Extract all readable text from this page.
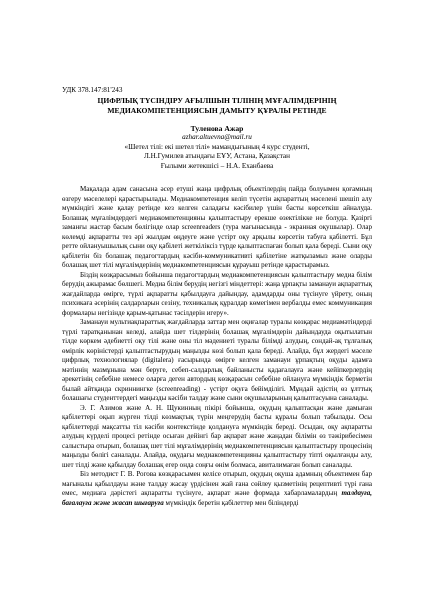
УДК 378.147:81'243
ЦИФРЛЫҚ ТҮСІНДІРУ АҒЫЛШЫН ТІЛІНІҢ МҰҒАЛІМДЕРІНІҢ
МЕДИАКОМПЕТЕНЦИЯСЫН ДАМЫТУ ҚҰРАЛЫ РЕТІНДЕ
Туленова Ажар
azhar.altuevna@mail.ru
«Шетел тілі: екі шетел тілі» мамандығының 4 курс студенті,
Л.Н.Гумилев атындағы ЕҰУ, Астана, Қазақстан
Ғылыми жетекшісі – Н.А. Еханбаева

Мақалада адам санасына әсер етуші жаңа цифрлық объектілердің пайда болуымен қоғамның өзгеру мәселелері қарастырылады. Медиакомпетенция келіп түсетін ақпараттың мәселені шешіп алу мүмкіндігі және қалау ретінде кез келген саладағы кәсібилер үшін басты көрсеткіш айналуда. Болашақ мұғалімдердегі медиакомпетенцияны қалыптастыру ерекше өзектілікке не болуда. Қазіргі заманғы жастар басым бөлігінде олар screenreaders (тура мағынасында - экранная оқушылар). Олар көлемді ақпаратты тез әрі жылдам өңдеуге және үстірт оқу арқылы көрсетін табуға қабілетті. Бұл ретте ойлануышылық сыни оқу қабілеті жеткіліксіз түрде қалыптаспаған болып қала береді. Сыни оқу қабілетін біз болашақ педагогтардың кәсіби-коммуникативті қабілетіне жатқызамыз және оларды болашақ шет тілі мұғалімдерінің медиакомпетенциясын құрауыш ретінде қарастырамыз.

Біздің көзқарасымыз бойынша педагогтардың медиакомпетенциясын қалыптастыру медиа білім берудің ажырамас бөлшегі. Медиа білім берудің негізгі міндеттері: жаңа ұрпақты заманауи ақпараттық жағдайларда өмірге, түрлі ақпаратты қабылдауға дайындау, адамдарды оны түсінуге үйрету, оның психикаға әсерінің салдарларын сезіну, техникалық құралдар көмегімен вербалды емес коммуникация формалары негізінде қарым-қатынас тәсілдерін игеру».

Заманауи мультиақпараттық жағдайларда заттар мен оқиғалар туралы көзқарас медиамәтіндерді түрлі таратқанынан келеді, алайда шет тілдерінің болашақ мұғалімдерін дайындауда оқытылатын тілде көркем әдебиетті оқу тілі және оны тіл мәдениеті туралы білімді алудың, сондай-ақ тұлғалық өмірлік көріністерді қалыптастырудың маңызды көзі болып қала береді. Алайда, бұл жердегі мәселе цифрлық технологиялар (digitalera) ғасырында өмірге келген заманауи ұрпақтың оқуды адамға мәтіннің мазмұнына мән беруге, себеп-салдарлық байланысты қадағалауға және кейіпкерлердің әрекетінің себебіне немесе оларға деген автордың көзқарасын себебіне ойлануға мүмкіндік берметін былай айтқанда скриннингке (screenreading) - үстірт оқуға бейімділігі. Мұндай әдістің өз ұлттық болашағы студенттердегі маңызды кәсіби талдау және сыни оқушыларының қалыптасуына саналады.

Э. Г. Азимов және А. Н. Щукинның пікірі бойынша, оқудың қалыптасқан және дамыған қабілеттері оқып жүрген тілді көзмақтық түрін меңгерудің басты құралы болып табылады. Осы қабілеттерді мақсатты тіл кәсіби контекстінде қолдануға мүмкіндік береді. Осыдан, оқу ақпаратты алудың күрделі процесі ретінде осыған дейінгі бар ақпарат және жаңадан білімін өз тәжірибесімен салыстыра отырып, болашақ шет тілі мұғалімдерінің медиакомпетенциясын қалыптастыру процесінің маңызды бөлігі саналады. Алайда, оқудағы медиакомпетенцияны қалыптастыру тіпті оқылғанды алу, шет тілді және қабылдау болашақ егер онда соңғы өнім болмаса, авиталимаған болып саналады.

Біз методист Г. В. Роговa көзқарасымен келісе отырып, оқудың оқуша адамның объектимен бар мағыналы қабылдауы және талдау жасау үрдісінен жай ғана сөйлеу қызметінің рецептивті түрі ғана емес, медиаға дәрістегі ақпаратты түсінуге, ақпарат және формада хабарламалардың талдауға, бағалауға және жасап шығаруға мүмкіндік беретін қабілеттер мен біліндерді
